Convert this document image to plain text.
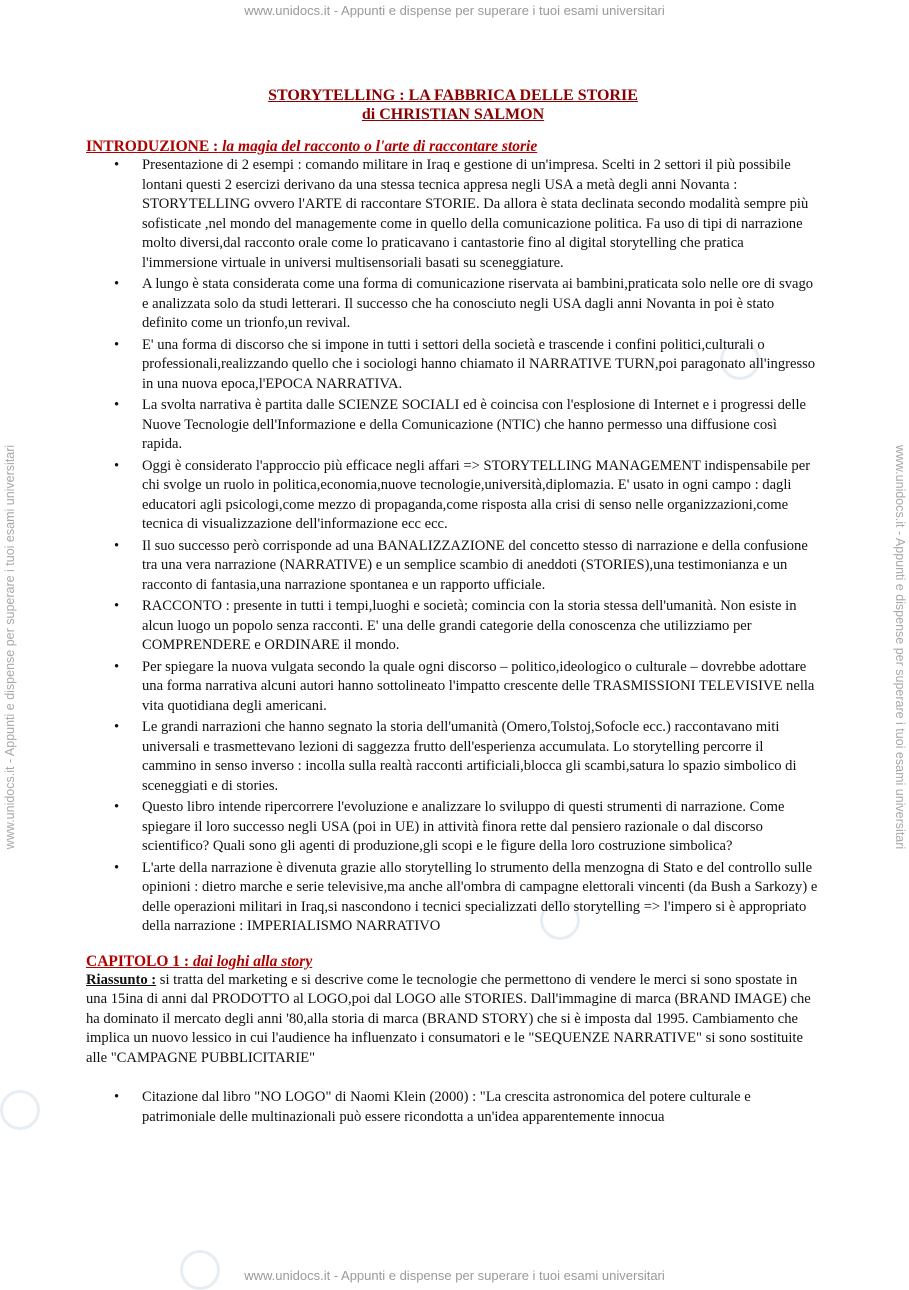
www.unidocs.it - Appunti e dispense per superare i tuoi esami universitari
www.unidocs.it - Appunti e dispense per superare i tuoi esami universitari	www.unidocs.it - Appunti e dispense per superare i tuoi esami universitari
STORYTELLING : LA FABBRICA DELLE STORIE
di CHRISTIAN SALMON
INTRODUZIONE : la magia del racconto o l'arte di raccontare storie
• Presentazione di 2 esempi : comando militare in Iraq e gestione di un'impresa. Scelti in 2 settori il più possibile lontani questi 2 esercizi derivano da una stessa tecnica appresa negli USA a metà degli anni Novanta : STORYTELLING ovvero l'ARTE di raccontare STORIE. Da allora è stata declinata secondo modalità sempre più sofisticate ,nel mondo del managemente come in quello della comunicazione politica. Fa uso di tipi di narrazione molto diversi,dal racconto orale come lo praticavano i cantastorie fino al digital storytelling che pratica l'immersione virtuale in universi multisensoriali basati su sceneggiature.
• A lungo è stata considerata come una forma di comunicazione riservata ai bambini,praticata solo nelle ore di svago e analizzata solo da studi letterari. Il successo che ha conosciuto negli USA dagli anni Novanta in poi è stato definito come un trionfo,un revival.
• E' una forma di discorso che si impone in tutti i settori della società e trascende i confini politici,culturali o professionali,realizzando quello che i sociologi hanno chiamato il NARRATIVE TURN,poi paragonato all'ingresso in una nuova epoca,l'EPOCA NARRATIVA.
• La svolta narrativa è partita dalle SCIENZE SOCIALI ed è coincisa con l'esplosione di Internet e i progressi delle Nuove Tecnologie dell'Informazione e della Comunicazione (NTIC) che hanno permesso una diffusione così rapida.
• Oggi è considerato l'approccio più efficace negli affari => STORYTELLING MANAGEMENT indispensabile per chi svolge un ruolo in politica,economia,nuove tecnologie,università,diplomazia. E' usato in ogni campo : dagli educatori agli psicologi,come mezzo di propaganda,come risposta alla crisi di senso nelle organizzazioni,come tecnica di visualizzazione dell'informazione ecc ecc.
• Il suo successo però corrisponde ad una BANALIZZAZIONE del concetto stesso di narrazione e della confusione tra una vera narrazione (NARRATIVE) e un semplice scambio di aneddoti (STORIES),una testimonianza e un racconto di fantasia,una narrazione spontanea e un rapporto ufficiale.
• RACCONTO : presente in tutti i tempi,luoghi e società; comincia con la storia stessa dell'umanità. Non esiste in alcun luogo un popolo senza racconti. E' una delle grandi categorie della conoscenza che utilizziamo per COMPRENDERE e ORDINARE il mondo.
• Per spiegare la nuova vulgata secondo la quale ogni discorso – politico,ideologico o culturale – dovrebbe adottare una forma narrativa alcuni autori hanno sottolineato l'impatto crescente delle TRASMISSIONI TELEVISIVE nella vita quotidiana degli americani.
• Le grandi narrazioni che hanno segnato la storia dell'umanità (Omero,Tolstoj,Sofocle ecc.) raccontavano miti universali e trasmettevano lezioni di saggezza frutto dell'esperienza accumulata. Lo storytelling percorre il cammino in senso inverso : incolla sulla realtà racconti artificiali,blocca gli scambi,satura lo spazio simbolico di sceneggiati e di stories.
• Questo libro intende ripercorrere l'evoluzione e analizzare lo sviluppo di questi strumenti di narrazione. Come spiegare il loro successo negli USA (poi in UE) in attività finora rette dal pensiero razionale o dal discorso scientifico? Quali sono gli agenti di produzione,gli scopi e le figure della loro costruzione simbolica?
• L'arte della narrazione è divenuta grazie allo storytelling lo strumento della menzogna di Stato e del controllo sulle opinioni : dietro marche e serie televisive,ma anche all'ombra di campagne elettorali vincenti (da Bush a Sarkozy) e delle operazioni militari in Iraq,si nascondono i tecnici specializzati dello storytelling => l'impero si è appropriato della narrazione : IMPERIALISMO NARRATIVO
CAPITOLO 1 : dai loghi alla story
Riassunto : si tratta del marketing e si descrive come le tecnologie che permettono di vendere le merci si sono spostate in una 15ina di anni dal PRODOTTO al LOGO,poi dal LOGO alle STORIES. Dall'immagine di marca (BRAND IMAGE) che ha dominato il mercato degli anni '80,alla storia di marca (BRAND STORY) che si è imposta dal 1995. Cambiamento che implica un nuovo lessico in cui l'audience ha influenzato i consumatori e le "SEQUENZE NARRATIVE" si sono sostituite alle "CAMPAGNE PUBBLICITARIE"
• Citazione dal libro "NO LOGO" di Naomi Klein (2000) : "La crescita astronomica del potere culturale e patrimoniale delle multinazionali può essere ricondotta a un'idea apparentemente innocua
www.unidocs.it - Appunti e dispense per superare i tuoi esami universitari
